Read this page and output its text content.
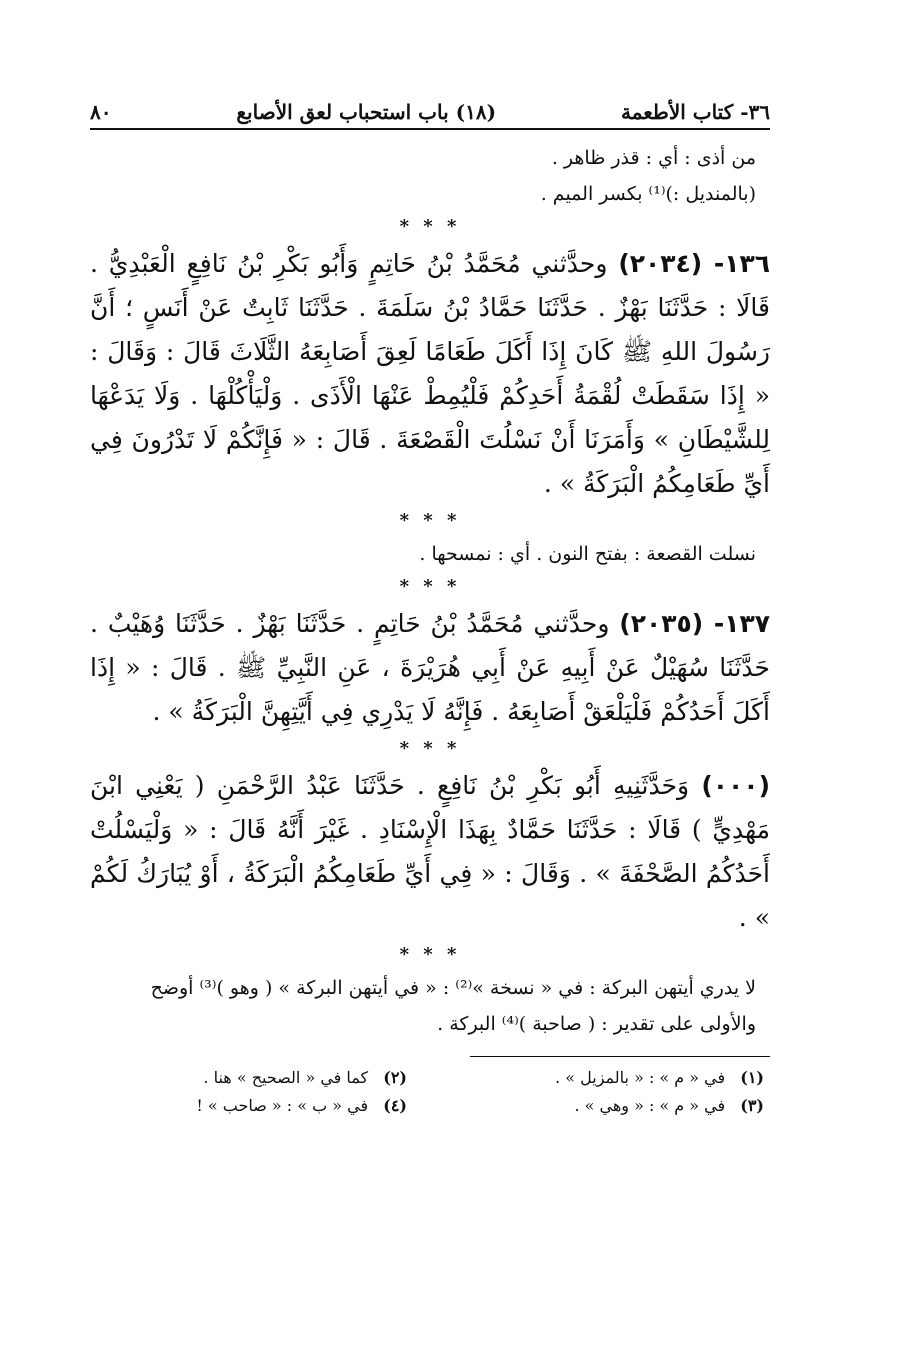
٣٦- كتاب الأطعمة
(١٨) باب استحباب لعق الأصابع
٨٠

من أذى : أي : قذر ظاهر .

(بالمنديل :)⁽¹⁾ بكسر الميم .

* * *

١٣٦- (٢٠٣٤) وحدَّثني مُحَمَّدُ بْنُ حَاتِمٍ وَأَبُو بَكْرِ بْنُ نَافِعٍ الْعَبْدِيُّ . قَالَا : حَدَّثَنَا بَهْزٌ . حَدَّثَنَا حَمَّادُ بْنُ سَلَمَةَ . حَدَّثَنَا ثَابِتٌ عَنْ أَنَسٍ ؛ أَنَّ رَسُولَ اللهِ ﷺ كَانَ إِذَا أَكَلَ طَعَامًا لَعِقَ أَصَابِعَهُ الثَّلَاثَ قَالَ : وَقَالَ : « إِذَا سَقَطَتْ لُقْمَةُ أَحَدِكُمْ فَلْيُمِطْ عَنْهَا الْأَذَى . وَلْيَأْكُلْهَا . وَلَا يَدَعْهَا لِلشَّيْطَانِ » وَأَمَرَنَا أَنْ نَسْلُتَ الْقَصْعَةَ . قَالَ : « فَإِنَّكُمْ لَا تَدْرُونَ فِي أَيِّ طَعَامِكُمُ الْبَرَكَةُ » .

* * *

نسلت القصعة : بفتح النون . أي : نمسحها .

* * *

١٣٧- (٢٠٣٥) وحدَّثني مُحَمَّدُ بْنُ حَاتِمٍ . حَدَّثَنَا بَهْزٌ . حَدَّثَنَا وُهَيْبٌ . حَدَّثَنَا سُهَيْلٌ عَنْ أَبِيهِ عَنْ أَبِي هُرَيْرَةَ ، عَنِ النَّبِيِّ ﷺ . قَالَ : « إِذَا أَكَلَ أَحَدُكُمْ فَلْيَلْعَقْ أَصَابِعَهُ . فَإِنَّهُ لَا يَدْرِي فِي أَيَّتِهِنَّ الْبَرَكَةُ » .

* * *

(٠٠٠) وَحَدَّثَنِيهِ أَبُو بَكْرِ بْنُ نَافِعٍ . حَدَّثَنَا عَبْدُ الرَّحْمَنِ ( يَعْنِي ابْنَ مَهْدِيٍّ ) قَالَا : حَدَّثَنَا حَمَّادٌ بِهَذَا الْإِسْنَادِ . غَيْرَ أَنَّهُ قَالَ : « وَلْيَسْلُتْ أَحَدُكُمُ الصَّحْفَةَ » . وَقَالَ : « فِي أَيِّ طَعَامِكُمُ الْبَرَكَةُ ، أَوْ يُبَارَكُ لَكُمْ » .

* * *

لا يدري أيتهن البركة : في « نسخة »⁽²⁾ : « في أيتهن البركة » ( وهو )⁽³⁾ أوضح

والأولى على تقدير : ( صاحبة )⁽⁴⁾ البركة .

(١) في « م » : « بالمزيل » .
(٢) كما في « الصحيح » هنا .
(٣) في « م » : « وهي » .
(٤) في « ب » : « صاحب » !
